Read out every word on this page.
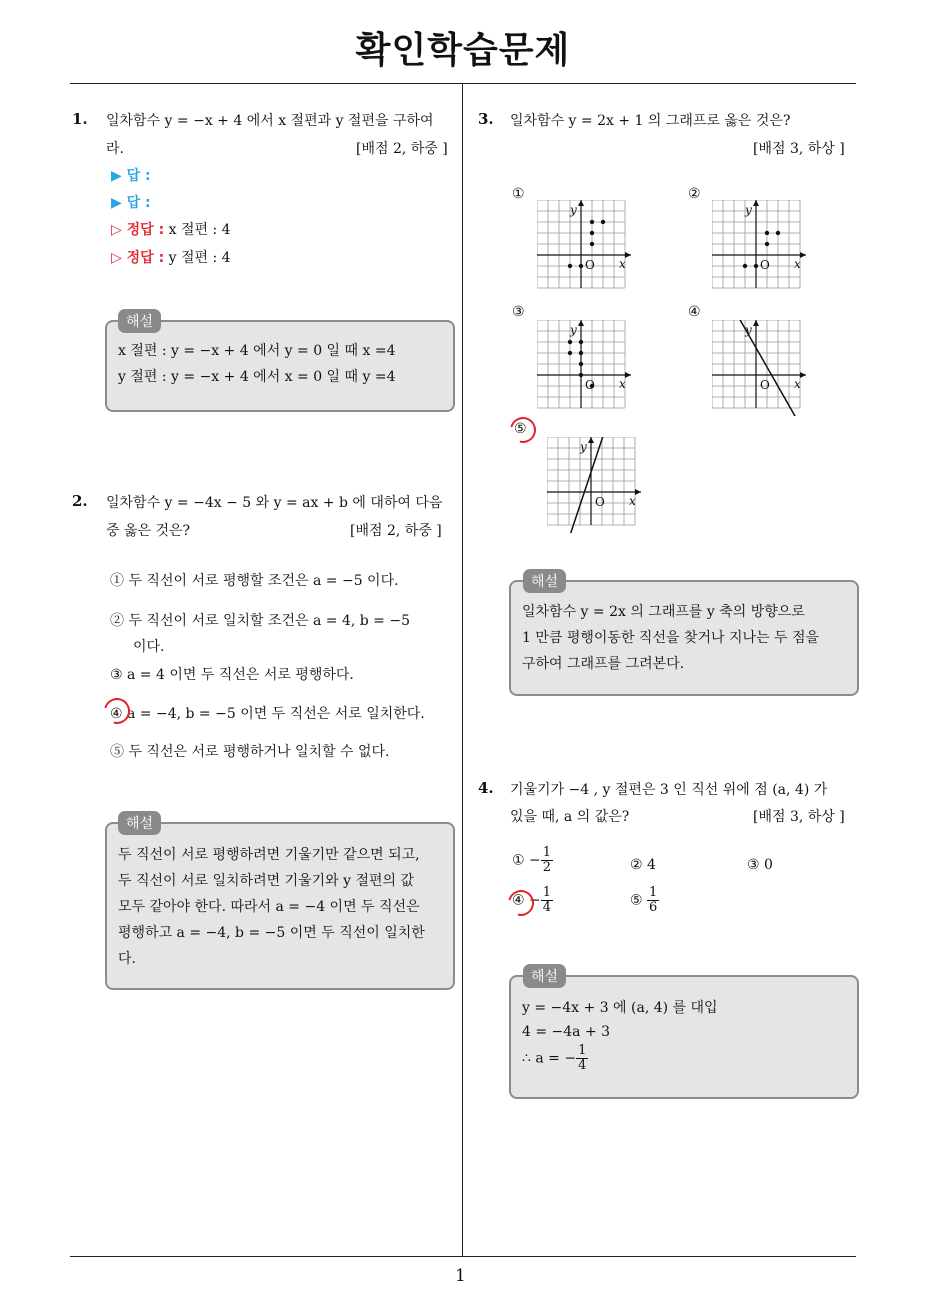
확인학습문제
1
1. 일차함수 y = −x + 4 에서 x 절편과 y 절편을 구하여
라.	[배점 2, 하중 ]
▶ 답 :
▶ 답 :
▷ 정답 : x 절편 : 4
▷ 정답 : y 절편 : 4
해설
x 절편 : y = −x + 4 에서 y = 0 일 때 x =4
y 절편 : y = −x + 4 에서 x = 0 일 때 y =4
2. 일차함수 y = −4x − 5 와 y = ax + b 에 대하여 다음
중 옳은 것은?	[배점 2, 하중 ]
① 두 직선이 서로 평행할 조건은 a = −5 이다.
② 두 직선이 서로 일치할 조건은 a = 4, b = −5
이다.
③ a = 4 이면 두 직선은 서로 평행하다.
④ a = −4, b = −5 이면 두 직선은 서로 일치한다.
⑤ 두 직선은 서로 평행하거나 일치할 수 없다.
해설
두 직선이 서로 평행하려면 기울기만 같으면 되고,
두 직선이 서로 일치하려면 기울기와 y 절편의 값
모두 같아야 한다. 따라서 a = −4 이면 두 직선은
평행하고 a = −4, b = −5 이면 두 직선이 일치한
다.
3. 일차함수 y = 2x + 1 의 그래프로 옳은 것은?
[배점 3, 하상 ]
①	②
③	④
⑤
O x
y
O x
y
O x
y
O x
y
O x
y
해설
일차함수 y = 2x 의 그래프를 y 축의 방향으로
1 만큼 평행이동한 직선을 찾거나 지나는 두 점을
구하여 그래프를 그려본다.
4. 기울기가 −4 , y 절편은 3 인 직선 위에 점 (a, 4) 가
있을 때, a 의 값은?	[배점 3, 하상 ]
① − $\frac{1}{2}$	② 4	③ 0
④ − $\frac{1}{4}$	⑤ $\frac{1}{6}$
해설
y = −4x + 3 에 (a, 4) 를 대입
4 = −4a + 3
∴ a = − $\frac{1}{4}$
